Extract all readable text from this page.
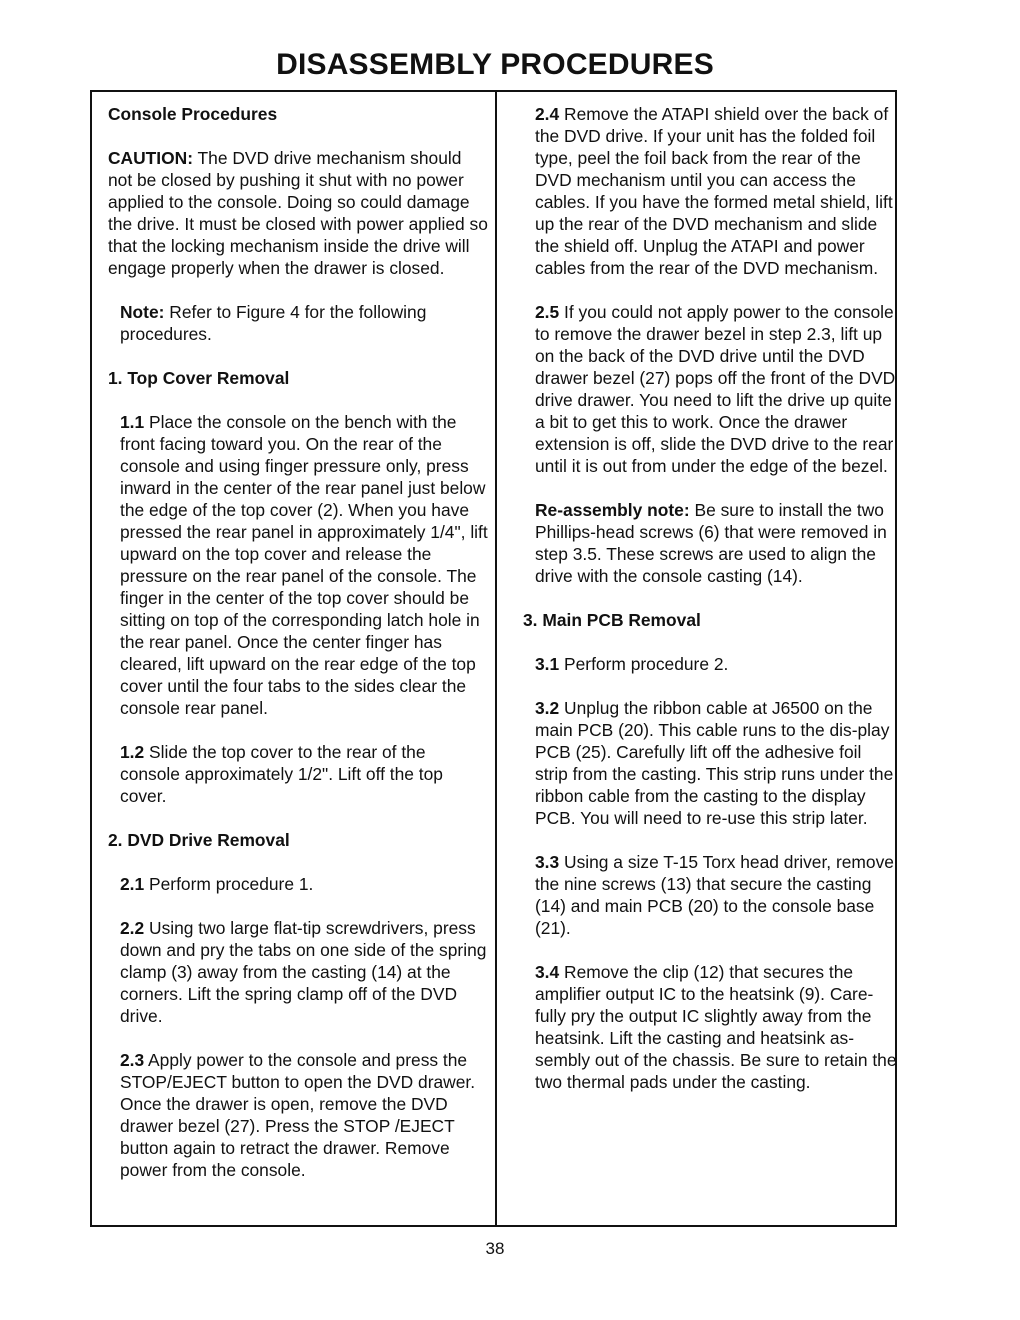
DISASSEMBLY PROCEDURES
Console Procedures
CAUTION: The DVD drive mechanism should not be closed by pushing it shut with no power applied to the console. Doing so could damage the drive. It must be closed with power applied so that the locking mechanism inside the drive will engage properly when the drawer is closed.
Note: Refer to Figure 4 for the following procedures.
1. Top Cover Removal
1.1 Place the console on the bench with the front facing toward you. On the rear of the console and using finger pressure only, press inward in the center of the rear panel just below the edge of the top cover (2). When you have pressed the rear panel in approximately 1/4", lift upward on the top cover and release the pressure on the rear panel of the console. The finger in the center of the top cover should be sitting on top of the corresponding latch hole in the rear panel. Once the center finger has cleared, lift upward on the rear edge of the top cover until the four tabs to the sides clear the console rear panel.
1.2 Slide the top cover to the rear of the console approximately 1/2". Lift off the top cover.
2. DVD Drive Removal
2.1 Perform procedure 1.
2.2 Using two large flat-tip screwdrivers, press down and pry the tabs on one side of the spring clamp (3) away from the casting (14) at the corners. Lift the spring clamp off of the DVD drive.
2.3 Apply power to the console and press the STOP/EJECT button to open the DVD drawer. Once the drawer is open, remove the DVD drawer bezel (27). Press the STOP /EJECT button again to retract the drawer. Remove power from the console.
2.4 Remove the ATAPI shield over the back of the DVD drive. If your unit has the folded foil type, peel the foil back from the rear of the DVD mechanism until you can access the cables. If you have the formed metal shield, lift up the rear of the DVD mechanism and slide the shield off. Unplug the ATAPI and power cables from the rear of the DVD mechanism.
2.5 If you could not apply power to the console to remove the drawer bezel in step 2.3, lift up on the back of the DVD drive until the DVD drawer bezel (27) pops off the front of the DVD drive drawer. You need to lift the drive up quite a bit to get this to work. Once the drawer extension is off, slide the DVD drive to the rear until it is out from under the edge of the bezel.
Re-assembly note: Be sure to install the two Phillips-head screws (6) that were removed in step 3.5. These screws are used to align the drive with the console casting (14).
3. Main PCB Removal
3.1 Perform procedure 2.
3.2 Unplug the ribbon cable at J6500 on the main PCB (20). This cable runs to the dis-play PCB (25). Carefully lift off the adhesive foil strip from the casting. This strip runs under the ribbon cable from the casting to the display PCB. You will need to re-use this strip later.
3.3 Using a size T-15 Torx head driver, remove the nine screws (13) that secure the casting (14) and main PCB (20) to the console base (21).
3.4 Remove the clip (12) that secures the amplifier output IC to the heatsink (9). Care-fully pry the output IC slightly away from the heatsink. Lift the casting and heatsink as-sembly out of the chassis. Be sure to retain the two thermal pads under the casting.
38
